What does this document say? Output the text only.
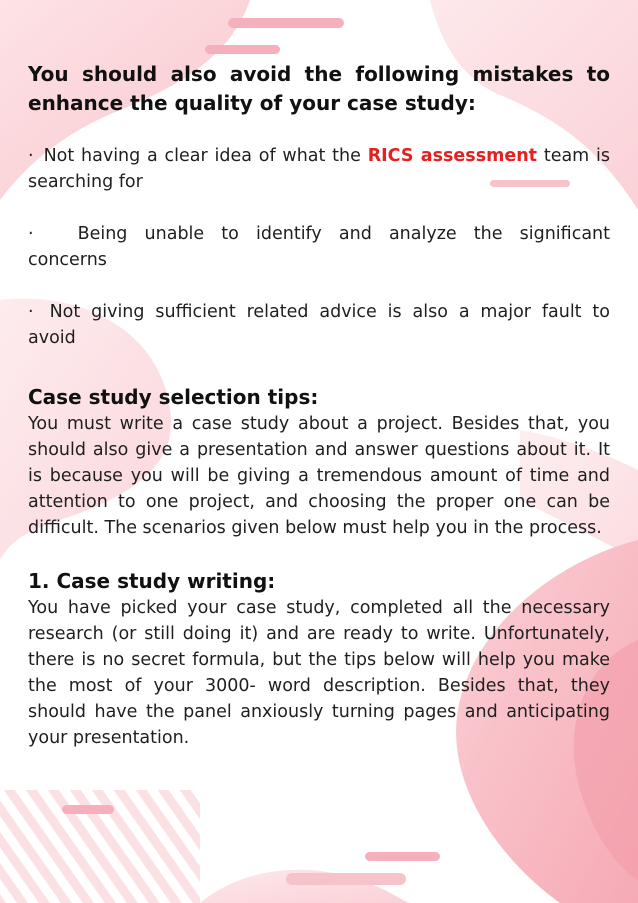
You should also avoid the following mistakes to enhance the quality of your case study:

· Not having a clear idea of what the RICS assessment team is searching for

·	Being unable to identify and analyze the significant concerns

· Not giving sufficient related advice is also a major fault to avoid

Case study selection tips:

You must write a case study about a project. Besides that, you should also give a presentation and answer questions about it. It is because you will be giving a tremendous amount of time and attention to one project, and choosing the proper one can be difficult. The scenarios given below must help you in the process.

1. Case study writing:

You have picked your case study, completed all the necessary research (or still doing it) and are ready to write. Unfortunately, there is no secret formula, but the tips below will help you make the most of your 3000- word description. Besides that, they should have the panel anxiously turning pages and anticipating your presentation.
